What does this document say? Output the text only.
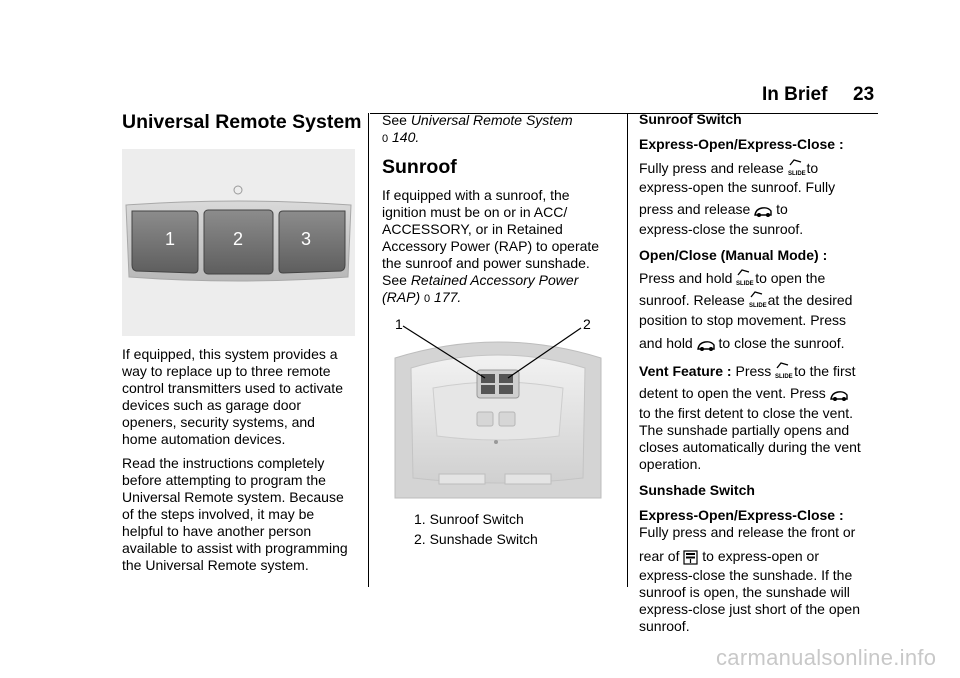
In Brief 23
Universal Remote System
1	2	3

If equipped, this system provides a

way to replace up to three remote

control transmitters used to activate

devices such as garage door

openers, security systems, and

home automation devices.

Read the instructions completely

before attempting to program the

Universal Remote system. Because

of the steps involved, it may be

helpful to have another person

available to assist with programming

the Universal Remote system.

See Universal Remote System

0 140.

Sunroof

If equipped with a sunroof, the

ignition must be on or in ACC/

ACCESSORY, or in Retained

Accessory Power (RAP) to operate

the sunroof and power sunshade.

See Retained Accessory Power

(RAP) 0 177.

1	2

1. Sunroof Switch

2. Sunshade Switch

Sunroof Switch

Express-Open/Express-Close :

Fully press and release SLIDE to

express-open the sunroof. Fully

press and release to

express-close the sunroof.

Open/Close (Manual Mode) :

Press and hold SLIDE to open the

sunroof. Release SLIDE at the desired

position to stop movement. Press

and hold to close the sunroof.

Vent Feature : Press SLIDE to the first

detent to open the vent. Press

to the first detent to close the vent.

The sunshade partially opens and

closes automatically during the vent

operation.

Sunshade Switch

Express-Open/Express-Close :

Fully press and release the front or

rear of to express-open or

express-close the sunshade. If the

sunroof is open, the sunshade will

express-close just short of the open

sunroof.

carmanualsonline.info
